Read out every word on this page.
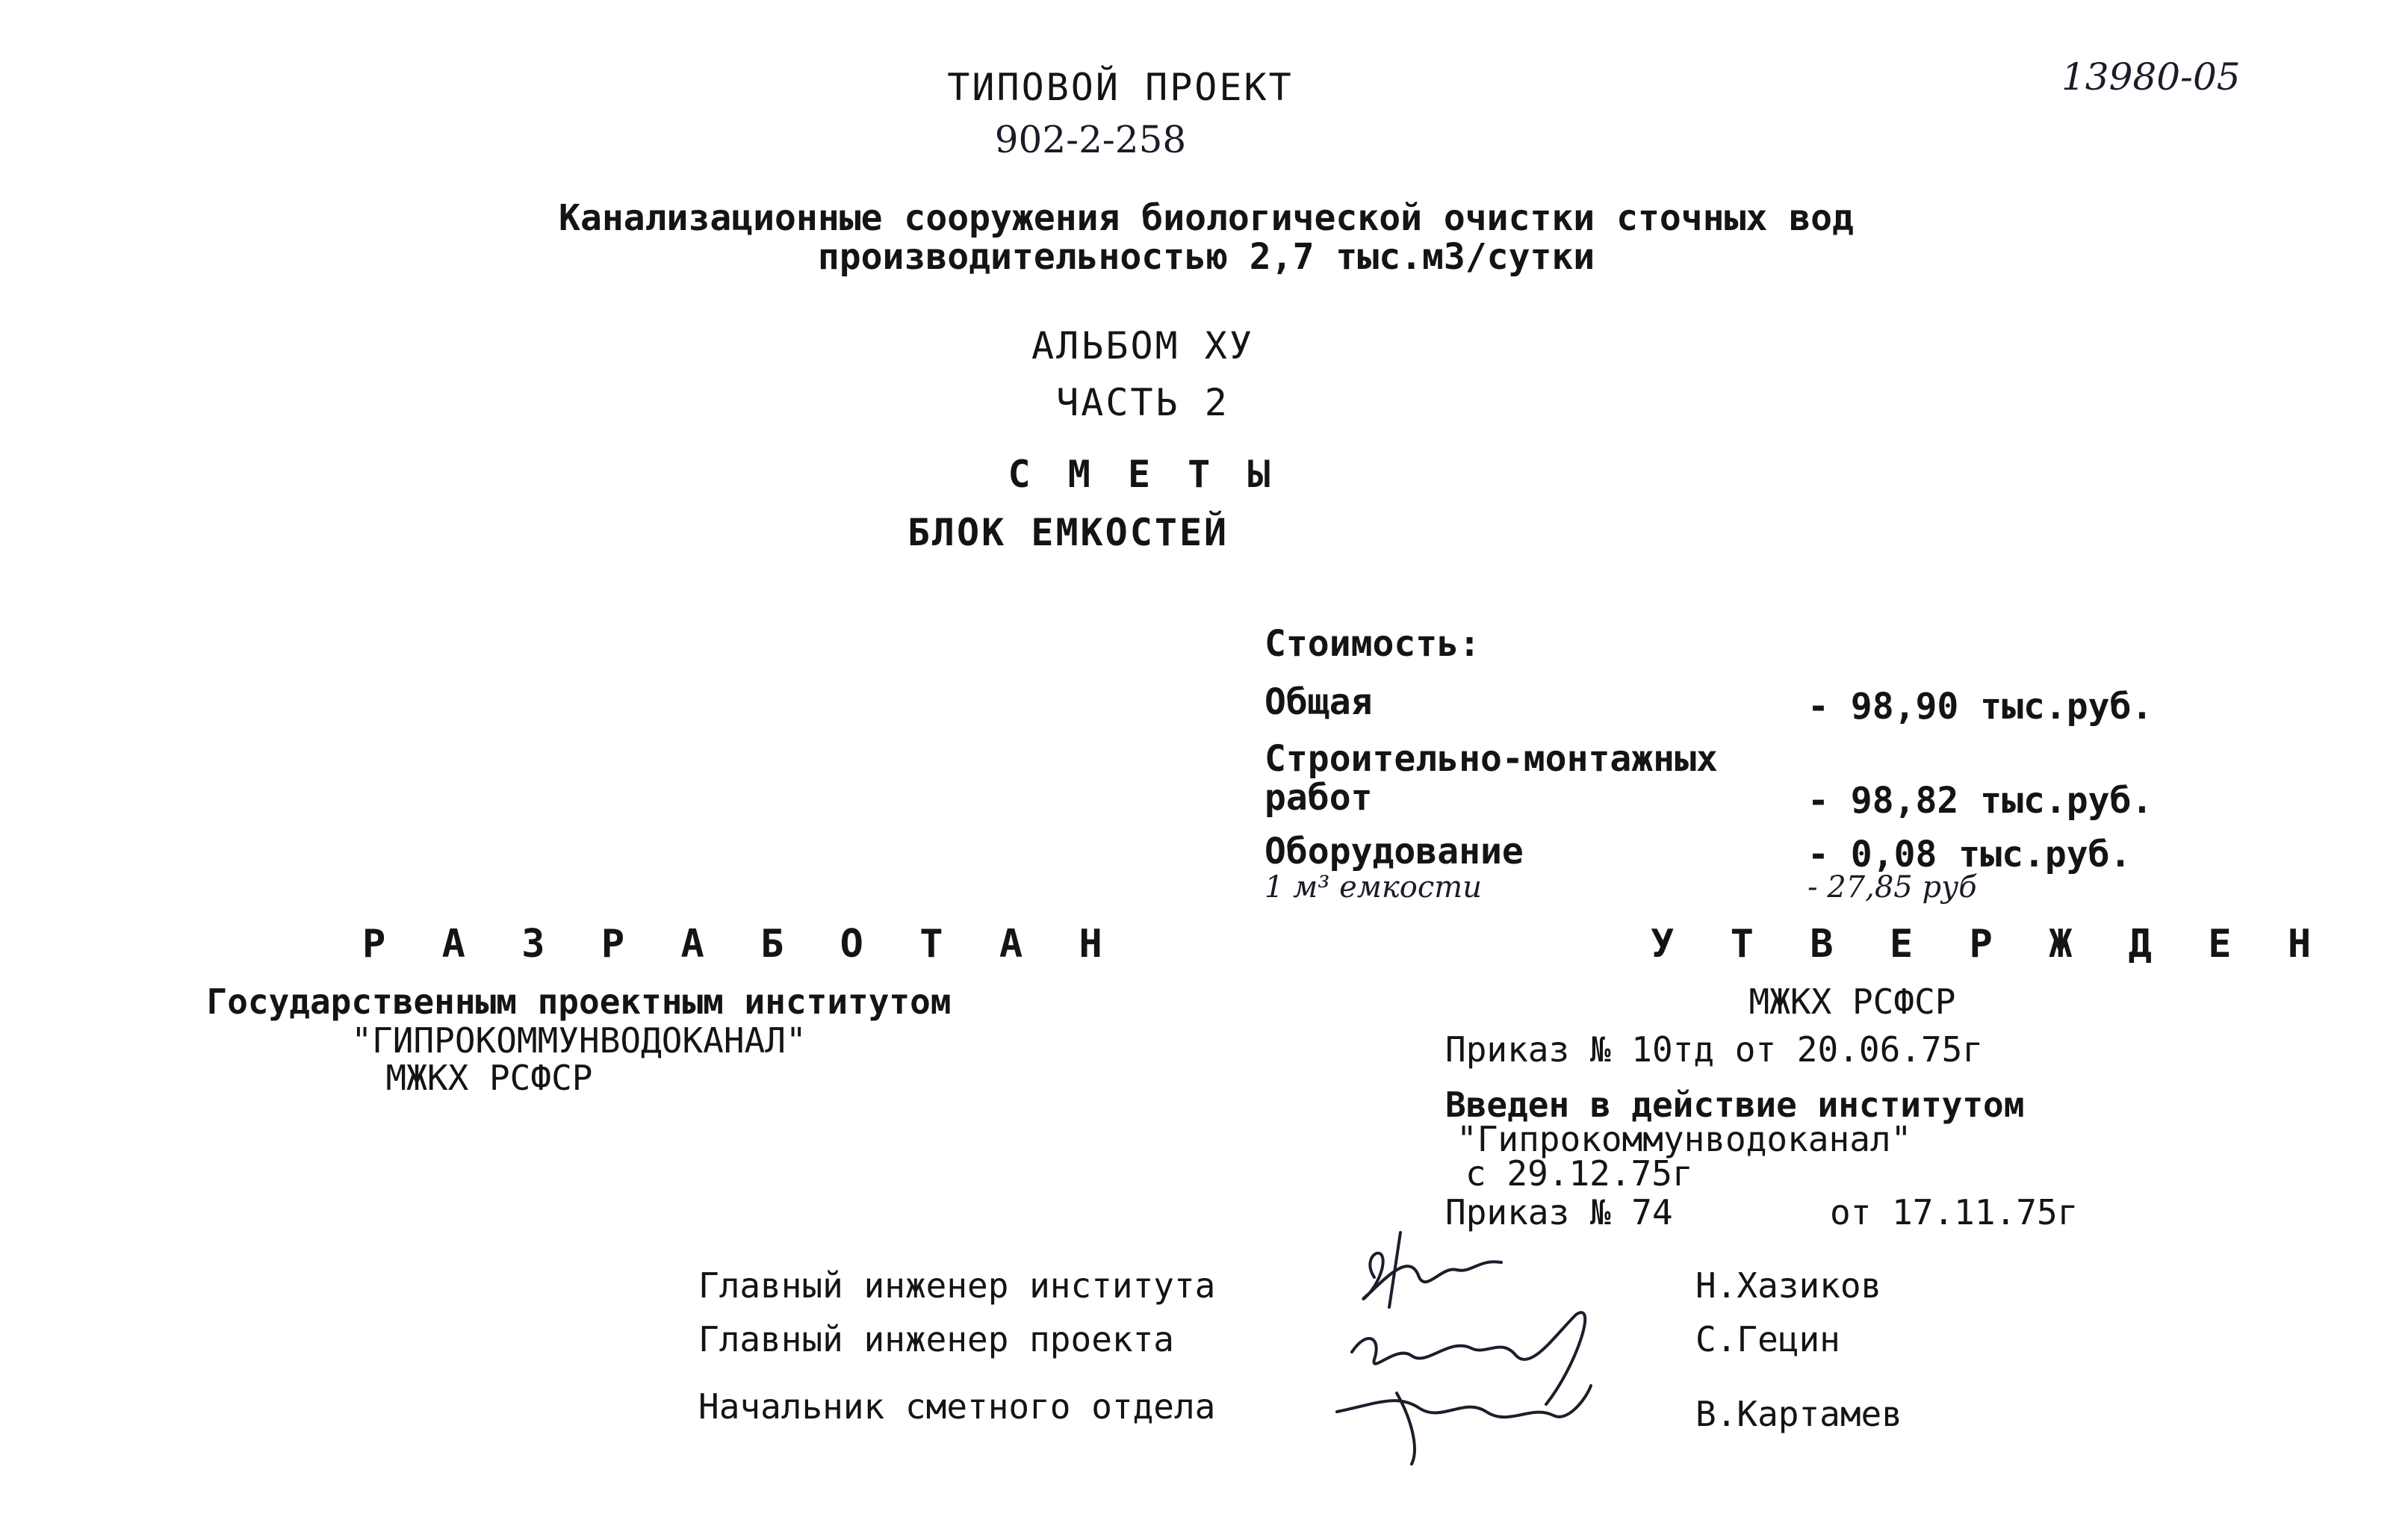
13980-05
ТИПОВОЙ ПРОЕКТ
902-2-258
Канализационные сооружения биологической очистки сточных вод
производительностью 2,7 тыс.м3/сутки
АЛЬБОМ XУ
ЧАСТЬ 2
С М Е Т Ы
БЛОК ЕМКОСТЕЙ
Стоимость:
Общая	- 98,90 тыс.руб.
Строительно-монтажных
работ	- 98,82 тыс.руб.
Оборудование	- 0,08 тыс.руб.
1 м³ емкости	- 27,85 руб
Р А З Р А Б О Т А Н
Государственным проектным институтом
"ГИПРОКОММУНВОДОКАНАЛ"
МЖКХ РСФСР
У Т В Е Р Ж Д Е Н
МЖКХ РСФСР
Приказ № 10тд от 20.06.75г
Введен в действие институтом
"Гипрокоммунводоканал"
с 29.12.75г
Приказ № 74	от 17.11.75г
Главный инженер института	Н.Хазиков
Главный инженер проекта	С.Гецин
Начальник сметного отдела	В.Картамев
